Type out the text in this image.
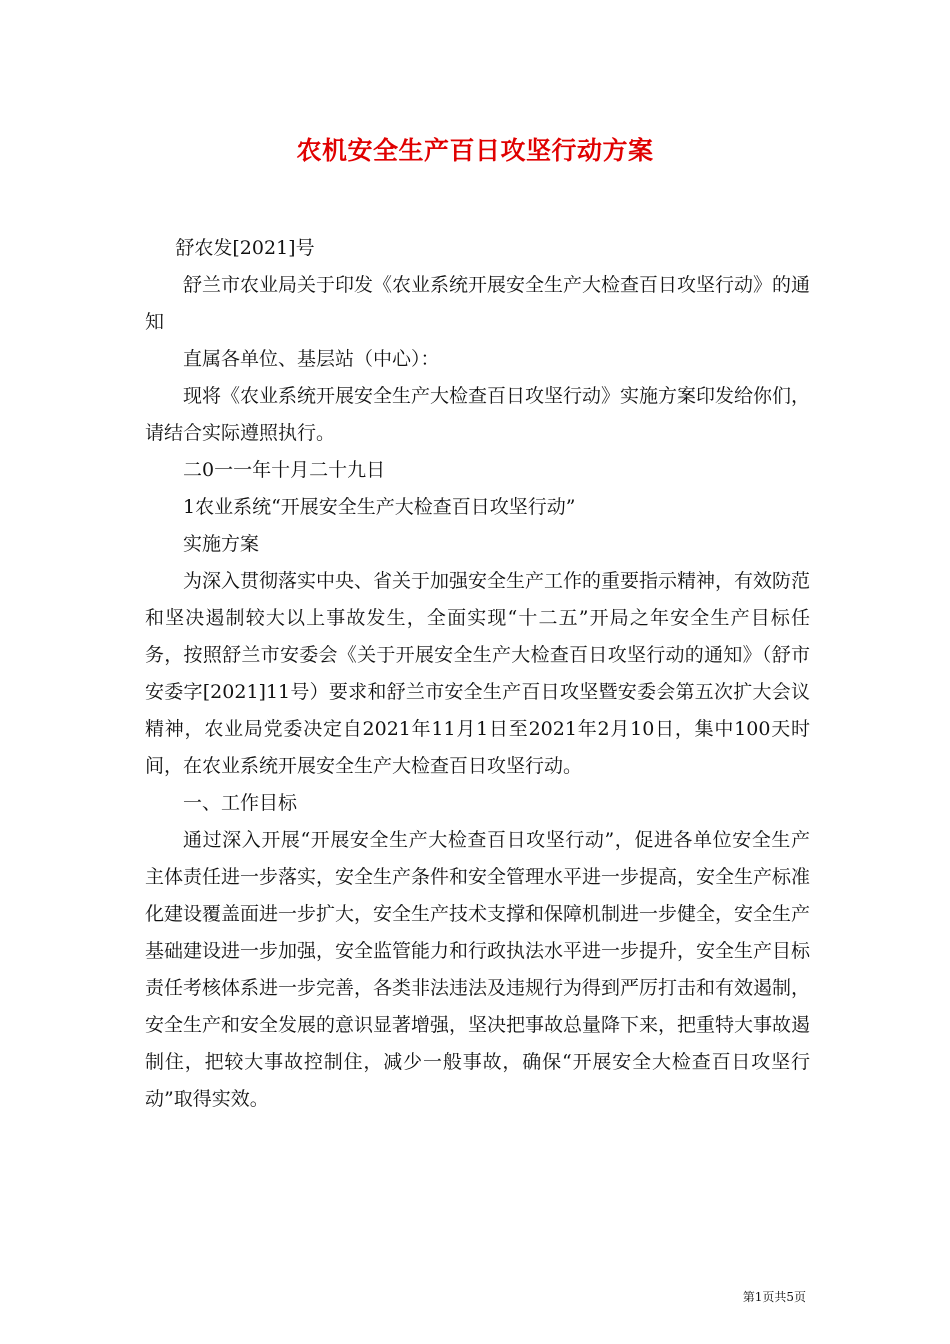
农机安全生产百日攻坚行动方案

舒农发[2021]号

舒兰市农业局关于印发《农业系统开展安全生产大检查百日攻坚行动》的通知

直属各单位、基层站（中心）：

现将《农业系统开展安全生产大检查百日攻坚行动》实施方案印发给你们，请结合实际遵照执行。

二0一一年十月二十九日

1农业系统“开展安全生产大检查百日攻坚行动”

实施方案

为深入贯彻落实中央、省关于加强安全生产工作的重要指示精神，有效防范和坚决遏制较大以上事故发生，全面实现“十二五”开局之年安全生产目标任务，按照舒兰市安委会《关于开展安全生产大检查百日攻坚行动的通知》（舒市安委字[2021]11号）要求和舒兰市安全生产百日攻坚暨安委会第五次扩大会议精神，农业局党委决定自2021年11月1日至2021年2月10日，集中100天时间，在农业系统开展安全生产大检查百日攻坚行动。

一、工作目标

通过深入开展“开展安全生产大检查百日攻坚行动”，促进各单位安全生产主体责任进一步落实，安全生产条件和安全管理水平进一步提高，安全生产标准化建设覆盖面进一步扩大，安全生产技术支撑和保障机制进一步健全，安全生产基础建设进一步加强，安全监管能力和行政执法水平进一步提升，安全生产目标责任考核体系进一步完善，各类非法违法及违规行为得到严厉打击和有效遏制，安全生产和安全发展的意识显著增强，坚决把事故总量降下来，把重特大事故遏制住，把较大事故控制住，减少一般事故，确保“开展安全大检查百日攻坚行动”取得实效。

第1页共5页
